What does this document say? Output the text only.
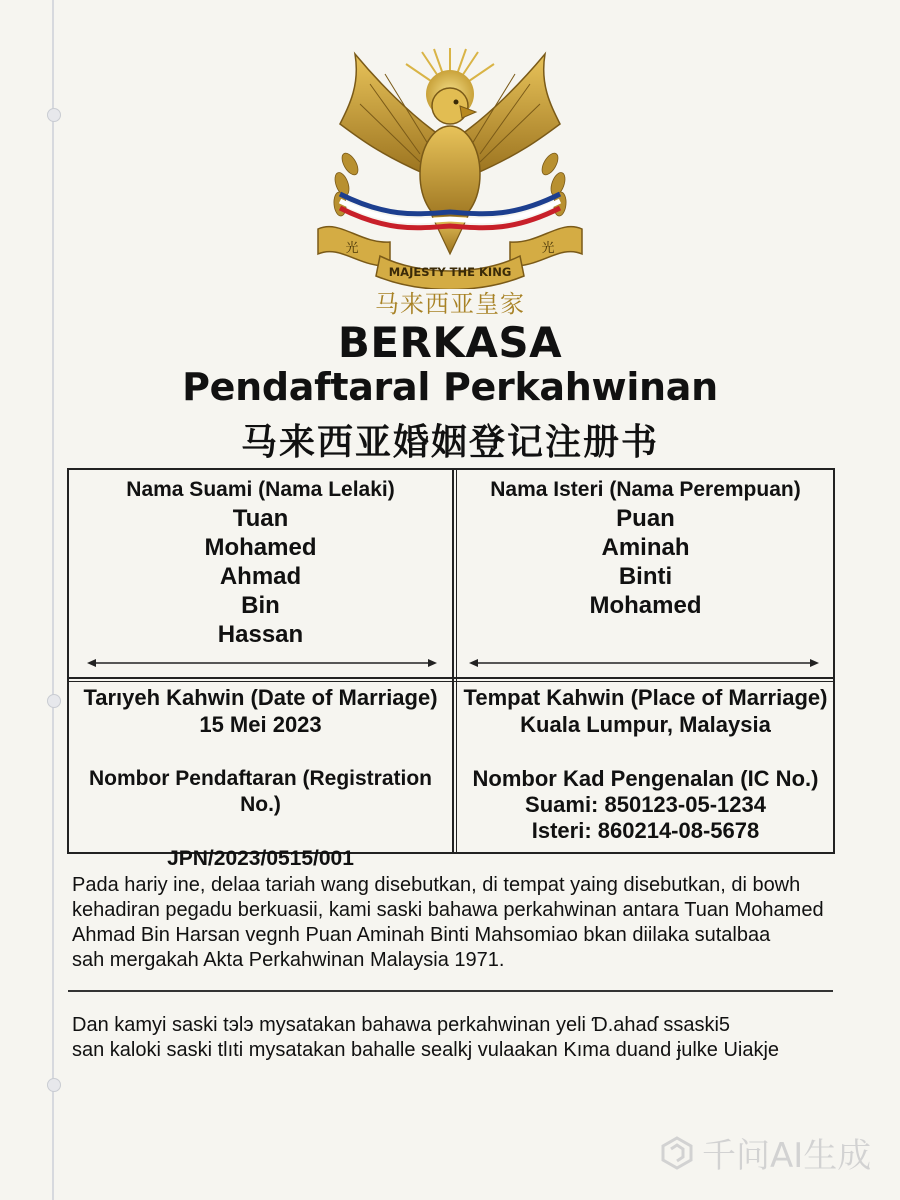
光	光
MAJESTY THE KING
马来西亚皇家
BERKASA
Pendaftaral Perkahwinan
马来西亚婚姻登记注册书
Nama Suami (Nama Lelaki)
Tuan
Mohamed
Ahmad
Bin
Hassan
Nama Isteri (Nama Perempuan)
Puan
Aminah
Binti
Mohamed
Tarıyeh Kahwin (Date of Marriage)
15 Mei 2023
Nombor Pendaftaran (Registration No.)
JPN/2023/0515/001
Tempat Kahwin (Place of Marriage)
Kuala Lumpur, Malaysia
Nombor Kad Pengenalan (IC No.)
Suami: 850123-05-1234
Isteri: 860214-08-5678
Pada hariy ine, delaa tariah wang disebutkan, di tempat yaing disebutkan, di bowh
kehadiran pegadu berkuasii, kami saski bahawa perkahwinan antara Tuan Mohamed
Ahmad Bin Harsan vegnh Puan Aminah Binti Mahsomiao bkan diilaka sutalbaa
sah mergakah Akta Perkahwinan Malaysia 1971.
Dan kamyi saski tэlэ mysatakan bahawa perkahwinan yeli Ɗ.ahaɗ ssaski5
san kaloki saski tlıti mysatakan bahalle sealkj vulaakan Kıma duand ɉulke Uiakje
千问AI生成
